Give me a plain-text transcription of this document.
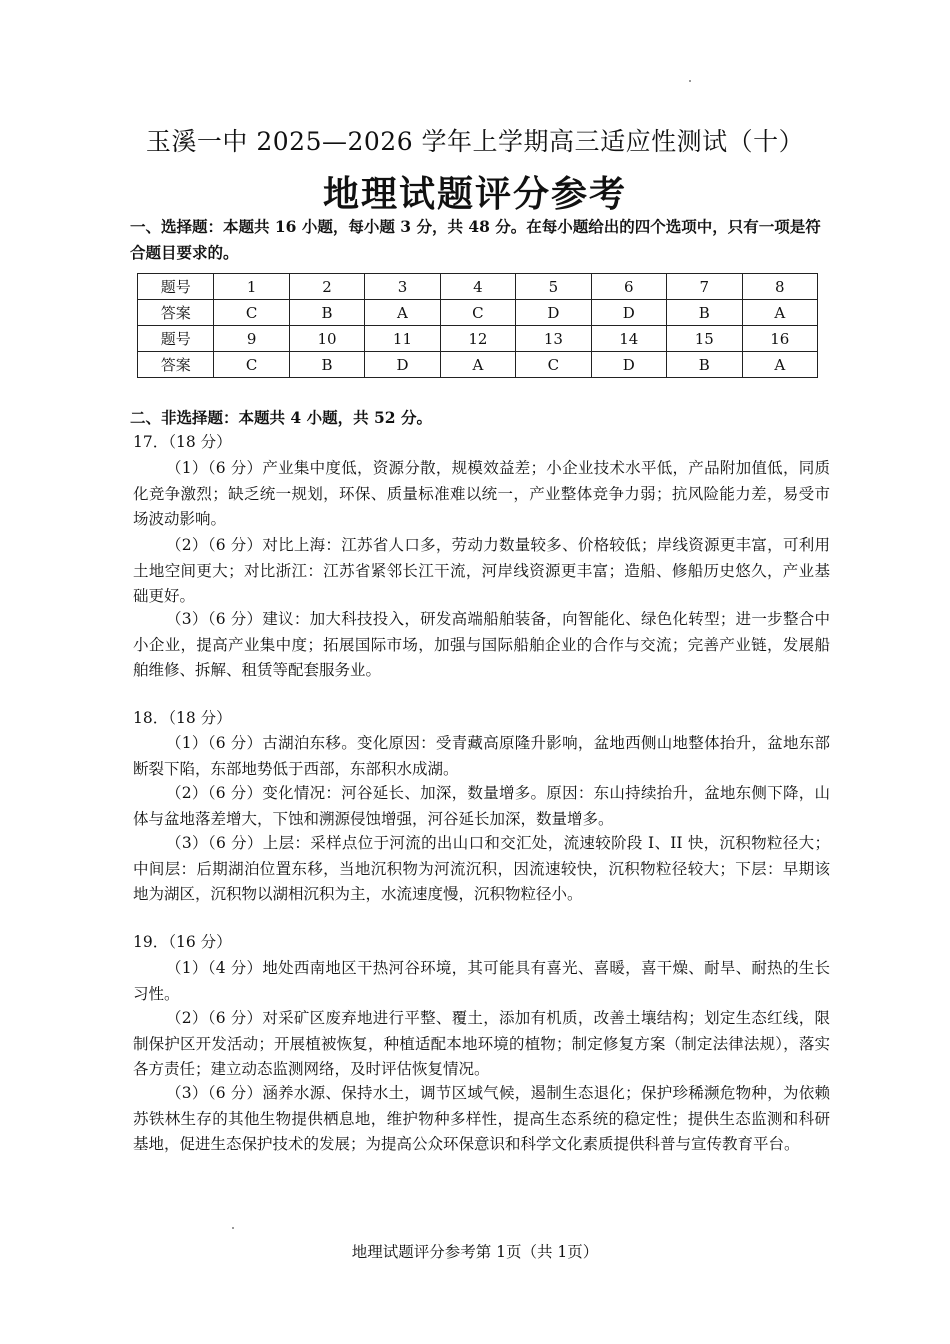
玉溪一中 2025—2026 学年上学期高三适应性测试（十）
地理试题评分参考
一、选择题：本题共 16 小题，每小题 3 分，共 48 分。在每小题给出的四个选项中，只有一项是符合题目要求的。
题号	1	2	3	4	5	6	7	8
答案	C	B	A	C	D	D	B	A
题号	9	10	11	12	13	14	15	16
答案	C	B	D	A	C	D	B	A
二、非选择题：本题共 4 小题，共 52 分。
17．（18 分）
（1）（6 分）产业集中度低，资源分散，规模效益差；小企业技术水平低，产品附加值低，同质化竞争激烈；缺乏统一规划，环保、质量标准难以统一，产业整体竞争力弱；抗风险能力差，易受市场波动影响。
（2）（6 分）对比上海：江苏省人口多，劳动力数量较多、价格较低；岸线资源更丰富，可利用土地空间更大；对比浙江：江苏省紧邻长江干流，河岸线资源更丰富；造船、修船历史悠久，产业基础更好。
（3）（6 分）建议：加大科技投入，研发高端船舶装备，向智能化、绿色化转型；进一步整合中小企业，提高产业集中度；拓展国际市场，加强与国际船舶企业的合作与交流；完善产业链，发展船舶维修、拆解、租赁等配套服务业。
18．（18 分）
（1）（6 分）古湖泊东移。变化原因：受青藏高原隆升影响，盆地西侧山地整体抬升，盆地东部断裂下陷，东部地势低于西部，东部积水成湖。
（2）（6 分）变化情况：河谷延长、加深，数量增多。原因：东山持续抬升，盆地东侧下降，山体与盆地落差增大，下蚀和溯源侵蚀增强，河谷延长加深，数量增多。
（3）（6 分）上层：采样点位于河流的出山口和交汇处，流速较阶段 I、II 快，沉积物粒径大；中间层：后期湖泊位置东移，当地沉积物为河流沉积，因流速较快，沉积物粒径较大；下层：早期该地为湖区，沉积物以湖相沉积为主，水流速度慢，沉积物粒径小。
19．（16 分）
（1）（4 分）地处西南地区干热河谷环境，其可能具有喜光、喜暖，喜干燥、耐旱、耐热的生长习性。
（2）（6 分）对采矿区废弃地进行平整、覆土，添加有机质，改善土壤结构；划定生态红线，限制保护区开发活动；开展植被恢复，种植适配本地环境的植物；制定修复方案（制定法律法规），落实各方责任；建立动态监测网络，及时评估恢复情况。
（3）（6 分）涵养水源、保持水土，调节区域气候，遏制生态退化；保护珍稀濒危物种，为依赖苏铁林生存的其他生物提供栖息地，维护物种多样性，提高生态系统的稳定性；提供生态监测和科研基地，促进生态保护技术的发展；为提高公众环保意识和科学文化素质提供科普与宣传教育平台。
地理试题评分参考第 1页（共 1页）
